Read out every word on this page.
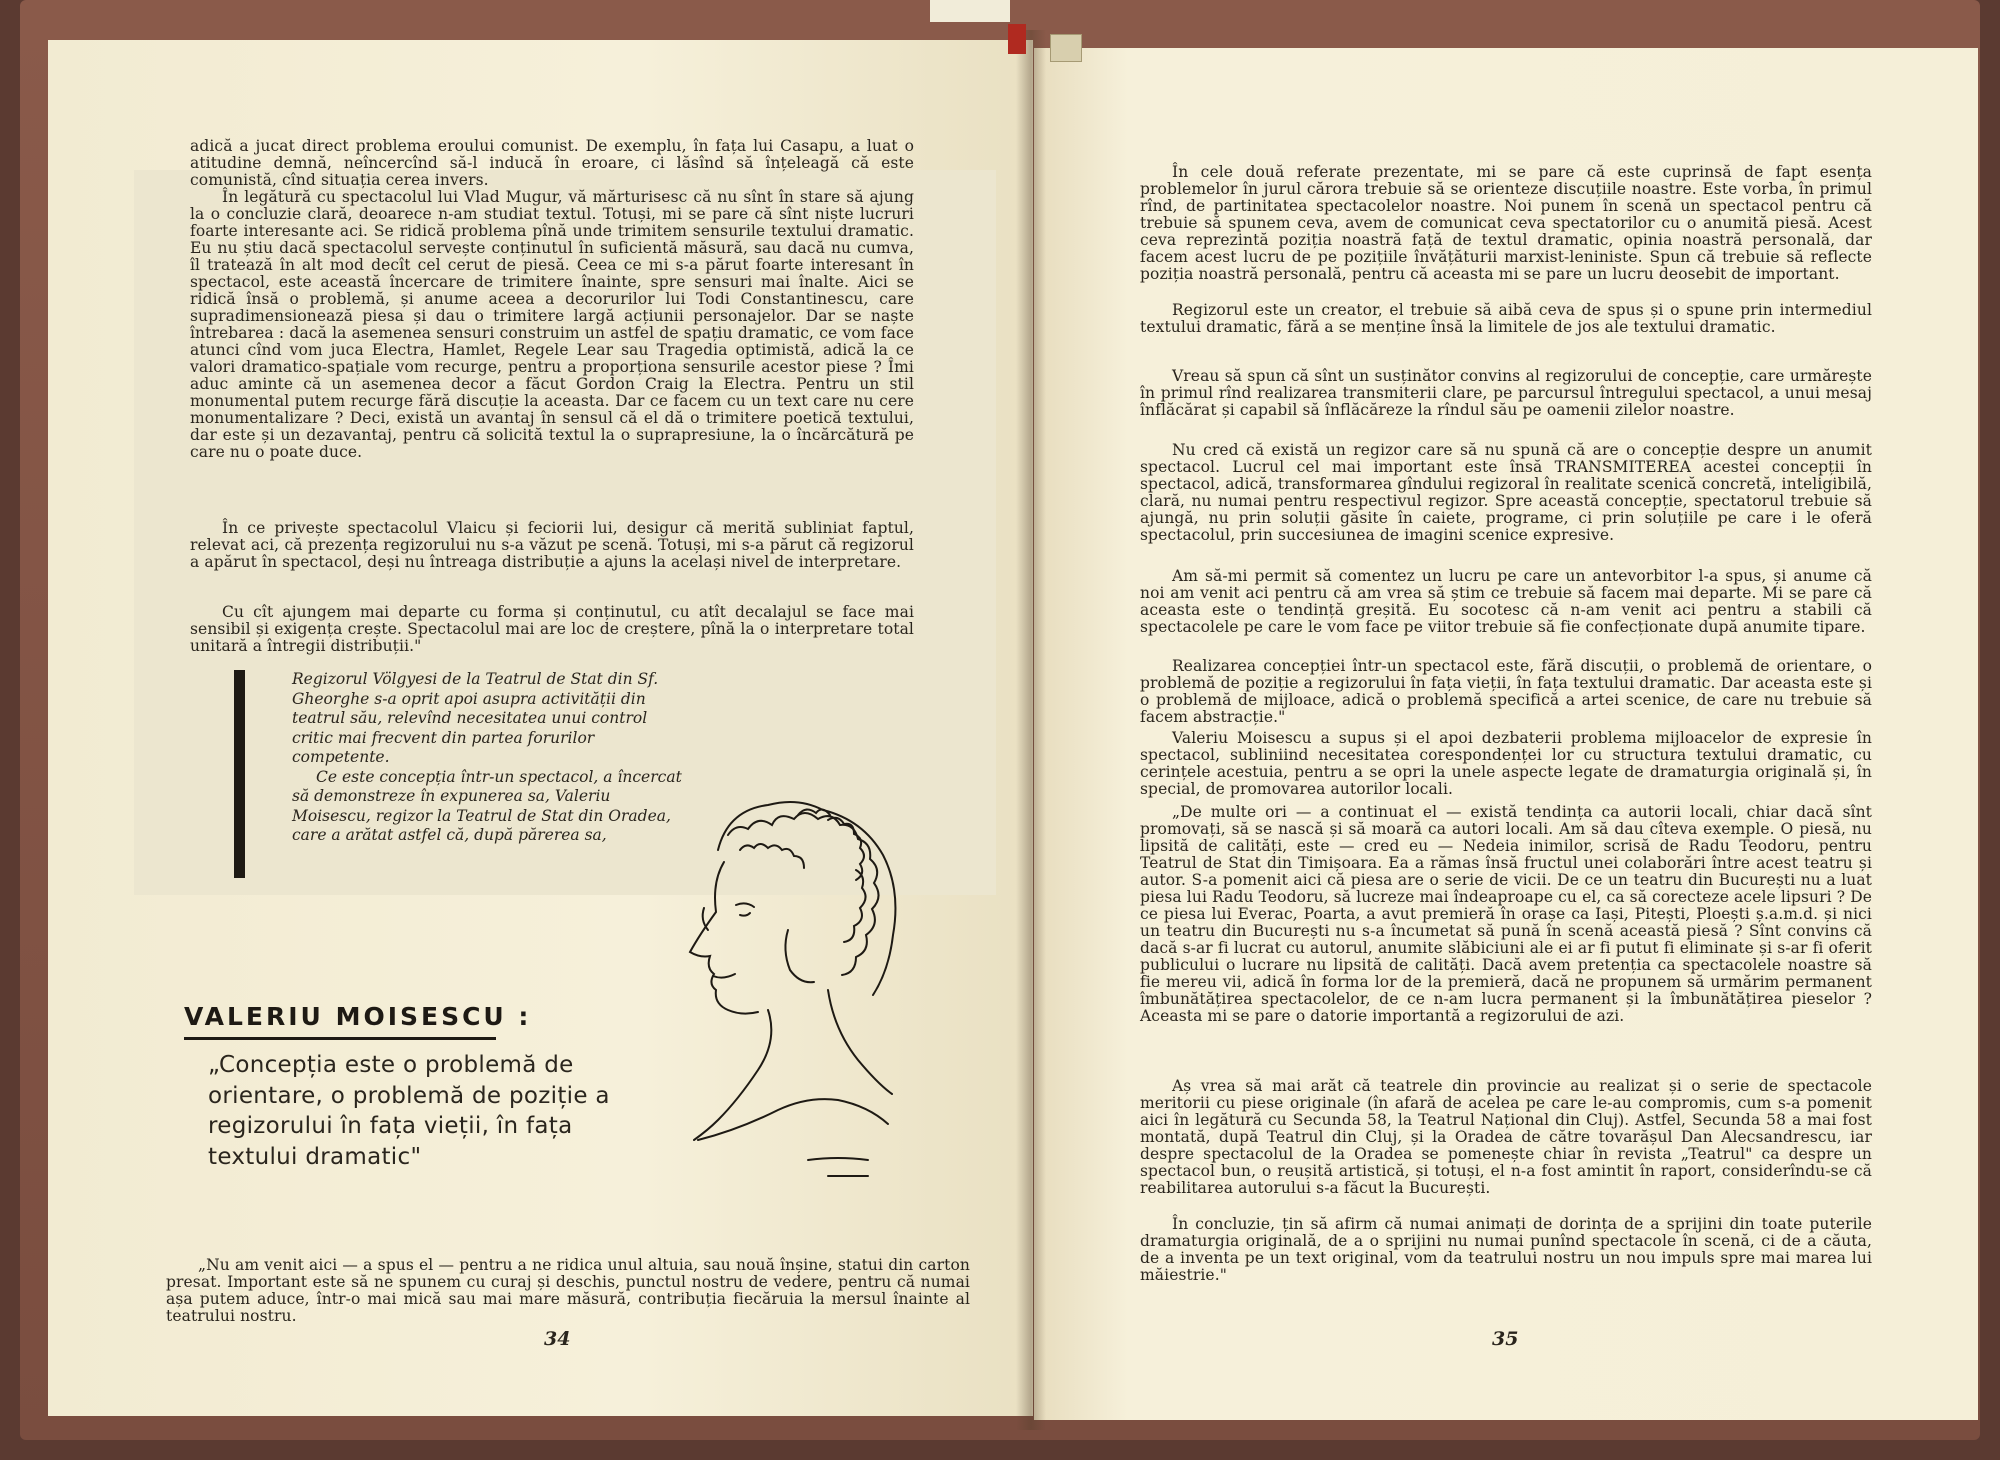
adică a jucat direct problema eroului comunist. De exemplu, în fața lui Casapu, a luat o atitudine demnă, neîncercînd să-l inducă în eroare, ci lăsînd să înțeleagă că este comunistă, cînd situația cerea invers.

În legătură cu spectacolul lui Vlad Mugur, vă mărturisesc că nu sînt în stare să ajung la o concluzie clară, deoarece n-am studiat textul. Totuși, mi se pare că sînt niște lucruri foarte interesante aci. Se ridică problema pînă unde trimitem sensurile textului dramatic. Eu nu știu dacă spectacolul servește conținutul în suficientă măsură, sau dacă nu cumva, îl tratează în alt mod decît cel cerut de piesă. Ceea ce mi s-a părut foarte interesant în spectacol, este această încercare de trimitere înainte, spre sensuri mai înalte. Aici se ridică însă o problemă, și anume aceea a decorurilor lui Todi Constantinescu, care supradimensionează piesa și dau o trimitere largă acțiunii personajelor. Dar se naște întrebarea : dacă la asemenea sensuri construim un astfel de spațiu dramatic, ce vom face atunci cînd vom juca Electra, Hamlet, Regele Lear sau Tragedia optimistă, adică la ce valori dramatico-spațiale vom recurge, pentru a proporționa sensurile acestor piese ? Îmi aduc aminte că un asemenea decor a făcut Gordon Craig la Electra. Pentru un stil monumental putem recurge fără discuție la aceasta. Dar ce facem cu un text care nu cere monumentalizare ? Deci, există un avantaj în sensul că el dă o trimitere poetică textului, dar este și un dezavantaj, pentru că solicită textul la o suprapresiune, la o încărcătură pe care nu o poate duce.

În ce privește spectacolul Vlaicu și feciorii lui, desigur că merită subliniat faptul, relevat aci, că prezența regizorului nu s-a văzut pe scenă. Totuși, mi s-a părut că regizorul a apărut în spectacol, deși nu întreaga distribuție a ajuns la același nivel de interpretare.

Cu cît ajungem mai departe cu forma și conținutul, cu atît decalajul se face mai sensibil și exigența crește. Spectacolul mai are loc de creștere, pînă la o interpretare total unitară a întregii distribuții."

Regizorul Völgyesi de la Teatrul de Stat din Sf. Gheorghe s-a oprit apoi asupra activității din teatrul său, relevînd necesitatea unui control critic mai frecvent din partea forurilor competente.

Ce este concepția într-un spectacol, a încercat să demonstreze în expunerea sa, Valeriu Moisescu, regizor la Teatrul de Stat din Oradea, care a arătat astfel că, după părerea sa,

VALERIU MOISESCU :

„Concepția este o problemă de orientare, o problemă de poziție a regizorului în fața vieții, în fața textului dramatic"

„Nu am venit aici — a spus el — pentru a ne ridica unul altuia, sau nouă înșine, statui din carton presat. Important este să ne spunem cu curaj și deschis, punctul nostru de vedere, pentru că numai așa putem aduce, într-o mai mică sau mai mare măsură, contribuția fiecăruia la mersul înainte al teatrului nostru.

34

În cele două referate prezentate, mi se pare că este cuprinsă de fapt esența problemelor în jurul cărora trebuie să se orienteze discuțiile noastre. Este vorba, în primul rînd, de partinitatea spectacolelor noastre. Noi punem în scenă un spectacol pentru că trebuie să spunem ceva, avem de comunicat ceva spectatorilor cu o anumită piesă. Acest ceva reprezintă poziția noastră față de textul dramatic, opinia noastră personală, dar facem acest lucru de pe pozițiile învățăturii marxist-leniniste. Spun că trebuie să reflecte poziția noastră personală, pentru că aceasta mi se pare un lucru deosebit de important.

Regizorul este un creator, el trebuie să aibă ceva de spus și o spune prin intermediul textului dramatic, fără a se menține însă la limitele de jos ale textului dramatic.

Vreau să spun că sînt un susținător convins al regizorului de concepție, care urmărește în primul rînd realizarea transmiterii clare, pe parcursul întregului spectacol, a unui mesaj înflăcărat și capabil să înflăcăreze la rîndul său pe oamenii zilelor noastre.

Nu cred că există un regizor care să nu spună că are o concepție despre un anumit spectacol. Lucrul cel mai important este însă TRANSMITEREA acestei concepții în spectacol, adică, transformarea gîndului regizoral în realitate scenică concretă, inteligibilă, clară, nu numai pentru respectivul regizor. Spre această concepție, spectatorul trebuie să ajungă, nu prin soluții găsite în caiete, programe, ci prin soluțiile pe care i le oferă spectacolul, prin succesiunea de imagini scenice expresive.

Am să-mi permit să comentez un lucru pe care un antevorbitor l-a spus, și anume că noi am venit aci pentru că am vrea să știm ce trebuie să facem mai departe. Mi se pare că aceasta este o tendință greșită. Eu socotesc că n-am venit aci pentru a stabili că spectacolele pe care le vom face pe viitor trebuie să fie confecționate după anumite tipare.

Realizarea concepției într-un spectacol este, fără discuții, o problemă de orientare, o problemă de poziție a regizorului în fața vieții, în fața textului dramatic. Dar aceasta este și o problemă de mijloace, adică o problemă specifică a artei scenice, de care nu trebuie să facem abstracție."

Valeriu Moisescu a supus și el apoi dezbaterii problema mijloacelor de expresie în spectacol, subliniind necesitatea corespondenței lor cu structura textului dramatic, cu cerințele acestuia, pentru a se opri la unele aspecte legate de dramaturgia originală și, în special, de promovarea autorilor locali.

„De multe ori — a continuat el — există tendința ca autorii locali, chiar dacă sînt promovați, să se nască și să moară ca autori locali. Am să dau cîteva exemple. O piesă, nu lipsită de calități, este — cred eu — Nedeia inimilor, scrisă de Radu Teodoru, pentru Teatrul de Stat din Timișoara. Ea a rămas însă fructul unei colaborări între acest teatru și autor. S-a pomenit aici că piesa are o serie de vicii. De ce un teatru din București nu a luat piesa lui Radu Teodoru, să lucreze mai îndeaproape cu el, ca să corecteze acele lipsuri ? De ce piesa lui Everac, Poarta, a avut premieră în orașe ca Iași, Pitești, Ploești ș.a.m.d. și nici un teatru din București nu s-a încumetat să pună în scenă această piesă ? Sînt convins că dacă s-ar fi lucrat cu autorul, anumite slăbiciuni ale ei ar fi putut fi eliminate și s-ar fi oferit publicului o lucrare nu lipsită de calități. Dacă avem pretenția ca spectacolele noastre să fie mereu vii, adică în forma lor de la premieră, dacă ne propunem să urmărim permanent îmbunătățirea spectacolelor, de ce n-am lucra permanent și la îmbunătățirea pieselor ? Aceasta mi se pare o datorie importantă a regizorului de azi.

Aș vrea să mai arăt că teatrele din provincie au realizat și o serie de spectacole meritorii cu piese originale (în afară de acelea pe care le-au compromis, cum s-a pomenit aici în legătură cu Secunda 58, la Teatrul Național din Cluj). Astfel, Secunda 58 a mai fost montată, după Teatrul din Cluj, și la Oradea de către tovarășul Dan Alecsandrescu, iar despre spectacolul de la Oradea se pomenește chiar în revista „Teatrul" ca despre un spectacol bun, o reușită artistică, și totuși, el n-a fost amintit în raport, considerîndu-se că reabilitarea autorului s-a făcut la București.

În concluzie, țin să afirm că numai animați de dorința de a sprijini din toate puterile dramaturgia originală, de a o sprijini nu numai punînd spectacole în scenă, ci de a căuta, de a inventa pe un text original, vom da teatrului nostru un nou impuls spre mai marea lui măiestrie."

35
